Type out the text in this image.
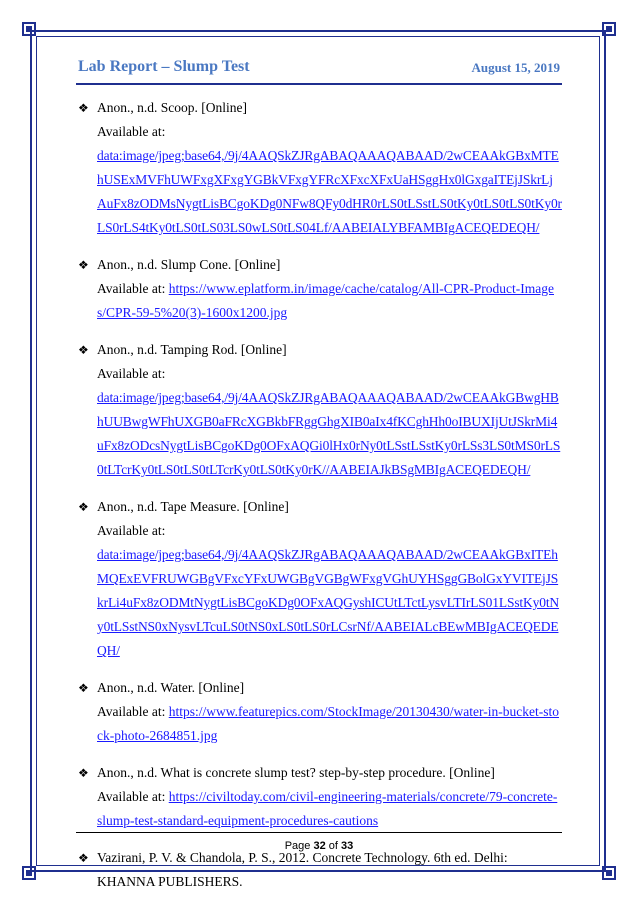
Lab Report – Slump Test	August 15, 2019
❖ Anon., n.d. Scoop. [Online]
Available at:
data:image/jpeg;base64,/9j/4AAQSkZJRgABAQAAAQABAAD/2wCEAAkGBxMTEhUSExMVFhUWFxgXFxgYGBkVFxgYFRcXFxcXFxUaHSggHx0lGxgaITEjJSkrLjAuFx8zODMsNygtLisBCgoKDg0NFw8QFy0dHR0rLS0tLSstLS0tKy0tLS0tLS0tKy0rLS0rLS4tKy0tLS0tLS03LS0wLS0tLS04Lf/AABEIALYBFAMBIgACEQEDEQH/
❖ Anon., n.d. Slump Cone. [Online]
Available at: https://www.eplatform.in/image/cache/catalog/All-CPR-Product-Images/CPR-59-5%20(3)-1600x1200.jpg
❖ Anon., n.d. Tamping Rod. [Online]
Available at:
data:image/jpeg;base64,/9j/4AAQSkZJRgABAQAAAQABAAD/2wCEAAkGBwgHBhUUBwgWFhUXGB0aFRcXGBkbFRggGhgXIB0aIx4fKCghHh0oIBUXIjUtJSkrMi4uFx8zODcsNygtLisBCgoKDg0OFxAQGi0lHx0rNy0tLSstLSstKy0rLSs3LS0tMS0rLS0tLTcrKy0tLS0tLS0tLTcrKy0tLS0tKy0rK//AABEIAJkBSgMBIgACEQEDEQH/
❖ Anon., n.d. Tape Measure. [Online]
Available at:
data:image/jpeg;base64,/9j/4AAQSkZJRgABAQAAAQABAAD/2wCEAAkGBxITEhMQExEVFRUWGBgVFxcYFxUWGBgVGBgWFxgVGhUYHSggGBolGxYVITEjJSkrLi4uFx8zODMtNygtLisBCgoKDg0OFxAQGyshICUtLTctLysvLTIrLS01LSstKy0tNy0tLSstNS0xNysvLTcuLS0tNS0xLS0tLS0rLCsrNf/AABEIALcBEwMBIgACEQEDEQH/
❖ Anon., n.d. Water. [Online]
Available at: https://www.featurepics.com/StockImage/20130430/water-in-bucket-stock-photo-2684851.jpg
❖ Anon., n.d. What is concrete slump test? step-by-step procedure. [Online]
Available at: https://civiltoday.com/civil-engineering-materials/concrete/79-concrete-slump-test-standard-equipment-procedures-cautions
❖ Vazirani, P. V. & Chandola, P. S., 2012. Concrete Technology. 6th ed. Delhi: KHANNA PUBLISHERS.
Page 32 of 33
